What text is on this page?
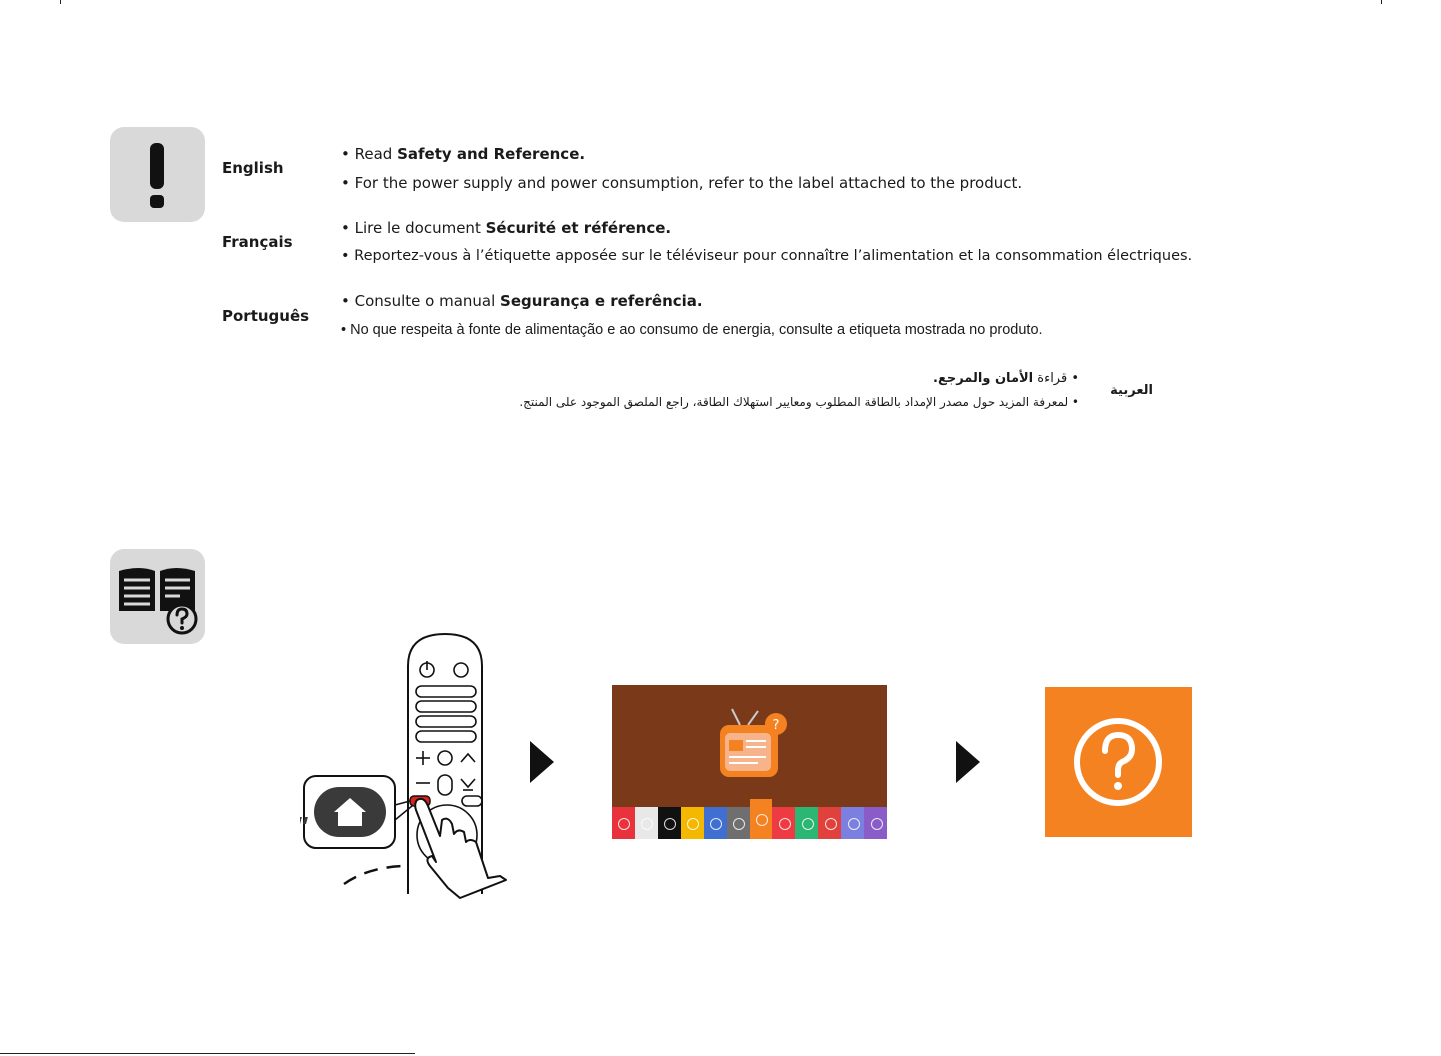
English
• Read Safety and Reference.
• For the power supply and power consumption, refer to the label attached to the product.
Français
• Lire le document Sécurité et référence.
• Reportez-vous à l’étiquette apposée sur le téléviseur pour connaître l’alimentation et la consommation électriques.
Português
• Consulte o manual Segurança e referência.
• No que respeita à fonte de alimentação e ao consumo de energia, consulte a etiqueta mostrada no produto.
العربية
• قراءة الأمان والمرجع.
• لمعرفة المزيد حول مصدر الإمداد بالطاقة المطلوب ومعايير استهلاك الطاقة، راجع الملصق الموجود على المنتج.
?
